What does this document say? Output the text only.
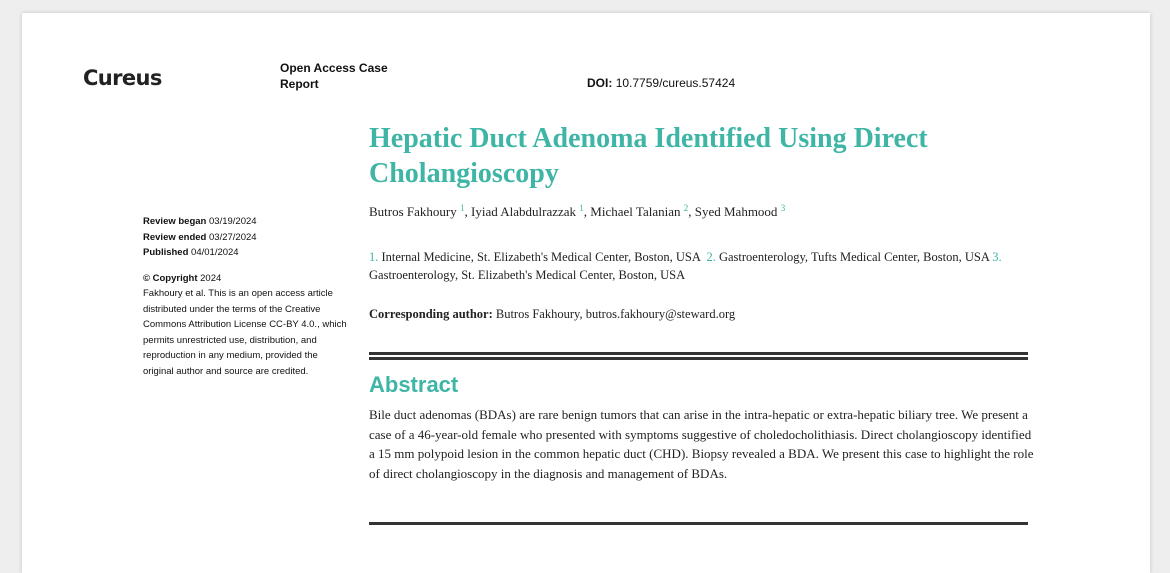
Cureus	Open Access Case
Report	DOI: 10.7759/cureus.57424
Review began 03/19/2024
Review ended 03/27/2024
Published 04/01/2024
© Copyright 2024
Fakhoury et al. This is an open access article distributed under the terms of the Creative Commons Attribution License CC-BY 4.0., which permits unrestricted use, distribution, and reproduction in any medium, provided the original author and source are credited.
Hepatic Duct Adenoma Identified Using Direct Cholangioscopy
Butros Fakhoury $^1$, Iyiad Alabdulrazzak $^1$, Michael Talanian $^2$, Syed Mahmood $^3$
1. Internal Medicine, St. Elizabeth's Medical Center, Boston, USA 2. Gastroenterology, Tufts Medical Center, Boston, USA 3. Gastroenterology, St. Elizabeth's Medical Center, Boston, USA
Corresponding author: Butros Fakhoury, butros.fakhoury@steward.org
Abstract

Bile duct adenomas (BDAs) are rare benign tumors that can arise in the intra-hepatic or extra-hepatic biliary tree. We present a case of a 46-year-old female who presented with symptoms suggestive of choledocholithiasis. Direct cholangioscopy identified a 15 mm polypoid lesion in the common hepatic duct (CHD). Biopsy revealed a BDA. We present this case to highlight the role of direct cholangioscopy in the diagnosis and management of BDAs.
